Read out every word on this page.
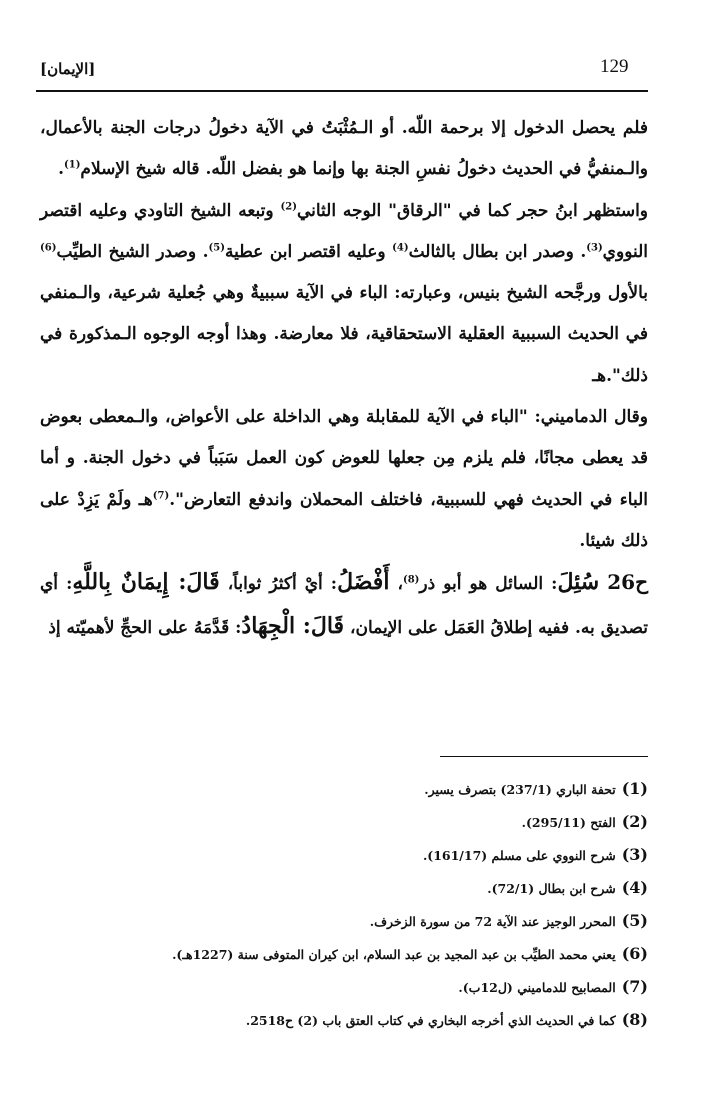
129
[الإيمان]

فلم يحصل الدخول إلا برحمة اللّه. أو الـمُثْبَتُ في الآية دخولُ درجات الجنة بالأعمال، والـمنفيُّ في الحديث دخولُ نفسِ الجنة بها وإنما هو بفضل اللّه. قاله شيخ الإسلام$^{(1)}$.

واستظهر ابنُ حجر كما في "الرقاق" الوجه الثاني$^{(2)}$ وتبعه الشيخ التاودي وعليه اقتصر النووي$^{(3)}$. وصدر ابن بطال بالثالث$^{(4)}$ وعليه اقتصر ابن عطية$^{(5)}$. وصدر الشيخ الطيِّب$^{(6)}$ بالأول ورجَّحه الشيخ بنيس، وعبارته: الباء في الآية سببيةٌ وهي جُعلية شرعية، والـمنفي في الحديث السببية العقلية الاستحقاقية، فلا معارضة. وهذا أوجه الوجوه الـمذكورة في ذلك".هـ

وقال الدماميني: "الباء في الآية للمقابلة وهي الداخلة على الأعواض، والـمعطى بعوض قد يعطى مجانًا، فلم يلزم مِن جعلها للعوض كون العمل سَبَباً في دخول الجنة. و أما الباء في الحديث فهي للسببية، فاختلف المحملان واندفع التعارض".$^{(7)}$هـ ولَمْ يَزِدْ على ذلك شيئا.

ح26 سُئِلَ: السائل هو أبو ذر$^{(8)}$، أَفْضَلُ: أيْ أكثرُ ثواباً، قَالَ: إِيمَانٌ بِاللَّهِ: أي تصديق به. ففيه إطلاقُ العَمَل على الإيمان، قَالَ: الْجِهَادُ: قَدَّمَهُ على الحجِّ لأهميّته إذ

(1)تحفة الباري (237/1) بتصرف يسير.
(2)الفتح (295/11).
(3)شرح النووي على مسلم (161/17).
(4)شرح ابن بطال (72/1).
(5)المحرر الوجيز عند الآية 72 من سورة الزخرف.
(6)يعني محمد الطيِّب بن عبد المجيد بن عبد السلام، ابن كيران المتوفى سنة (1227هـ).
(7)المصابيح للدماميني (ل12ب).
(8)كما في الحديث الذي أخرجه البخاري في كتاب العتق باب (2) ح2518.
